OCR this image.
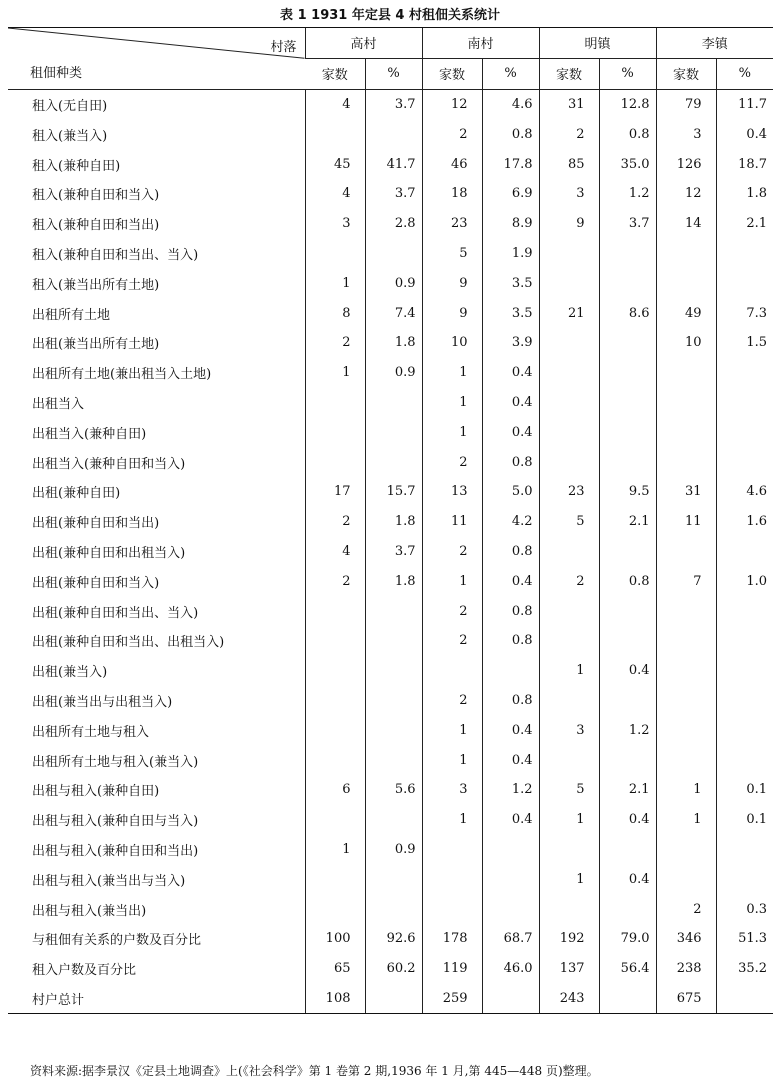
表 1 1931 年定县 4 村租佃关系统计
村落
租佃种类	高村		南村		明镇		李镇	
	家数	%	家数	%	家数	%	家数	%
租入(无自田)	4	3.7	12	4.6	31	12.8	79	11.7
租入(兼当入)			2	0.8	2	0.8	3	0.4
租入(兼种自田)	45	41.7	46	17.8	85	35.0	126	18.7
租入(兼种自田和当入)	4	3.7	18	6.9	3	1.2	12	1.8
租入(兼种自田和当出)	3	2.8	23	8.9	9	3.7	14	2.1
租入(兼种自田和当出、当入)			5	1.9				
租入(兼当出所有土地)	1	0.9	9	3.5				
出租所有土地	8	7.4	9	3.5	21	8.6	49	7.3
出租(兼当出所有土地)	2	1.8	10	3.9			10	1.5
出租所有土地(兼出租当入土地)	1	0.9	1	0.4				
出租当入			1	0.4				
出租当入(兼种自田)			1	0.4				
出租当入(兼种自田和当入)			2	0.8				
出租(兼种自田)	17	15.7	13	5.0	23	9.5	31	4.6
出租(兼种自田和当出)	2	1.8	11	4.2	5	2.1	11	1.6
出租(兼种自田和出租当入)	4	3.7	2	0.8				
出租(兼种自田和当入)	2	1.8	1	0.4	2	0.8	7	1.0
出租(兼种自田和当出、当入)			2	0.8				
出租(兼种自田和当出、出租当入)			2	0.8				
出租(兼当入)					1	0.4		
出租(兼当出与出租当入)			2	0.8				
出租所有土地与租入			1	0.4	3	1.2		
出租所有土地与租入(兼当入)			1	0.4				
出租与租入(兼种自田)	6	5.6	3	1.2	5	2.1	1	0.1
出租与租入(兼种自田与当入)			1	0.4	1	0.4	1	0.1
出租与租入(兼种自田和当出)	1	0.9						
出租与租入(兼当出与当入)					1	0.4		
出租与租入(兼当出)							2	0.3
与租佃有关系的户数及百分比	100	92.6	178	68.7	192	79.0	346	51.3
租入户数及百分比	65	60.2	119	46.0	137	56.4	238	35.2
村户总计	108		259		243		675	
资料来源:据李景汉《定县土地调查》上(《社会科学》第 1 卷第 2 期,1936 年 1 月,第 445—448 页)整理。
